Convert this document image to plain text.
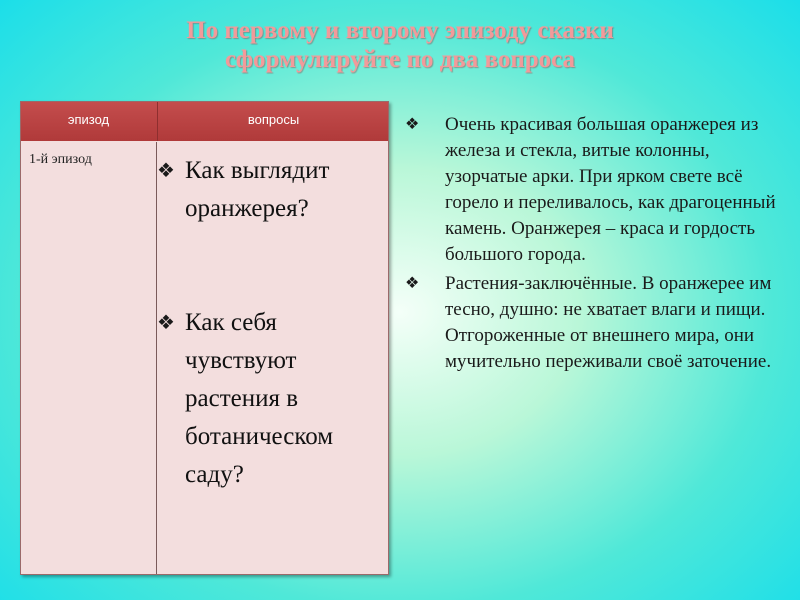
По первому и второму эпизоду сказки
сформулируйте по два вопроса
эпизод	вопросы
1-й эпизод
❖ Как выглядит оранжерея?
❖ Как себя чувствуют растения в ботаническом саду?
❖ Очень красивая большая оранжерея из железа и стекла, витые колонны, узорчатые арки. При ярком свете всё горело и переливалось, как драгоценный камень. Оранжерея – краса и гордость большого города.
❖ Растения-заключённые. В оранжерее им тесно, душно: не хватает влаги и пищи. Отгороженные от внешнего мира, они мучительно переживали своё заточение.
